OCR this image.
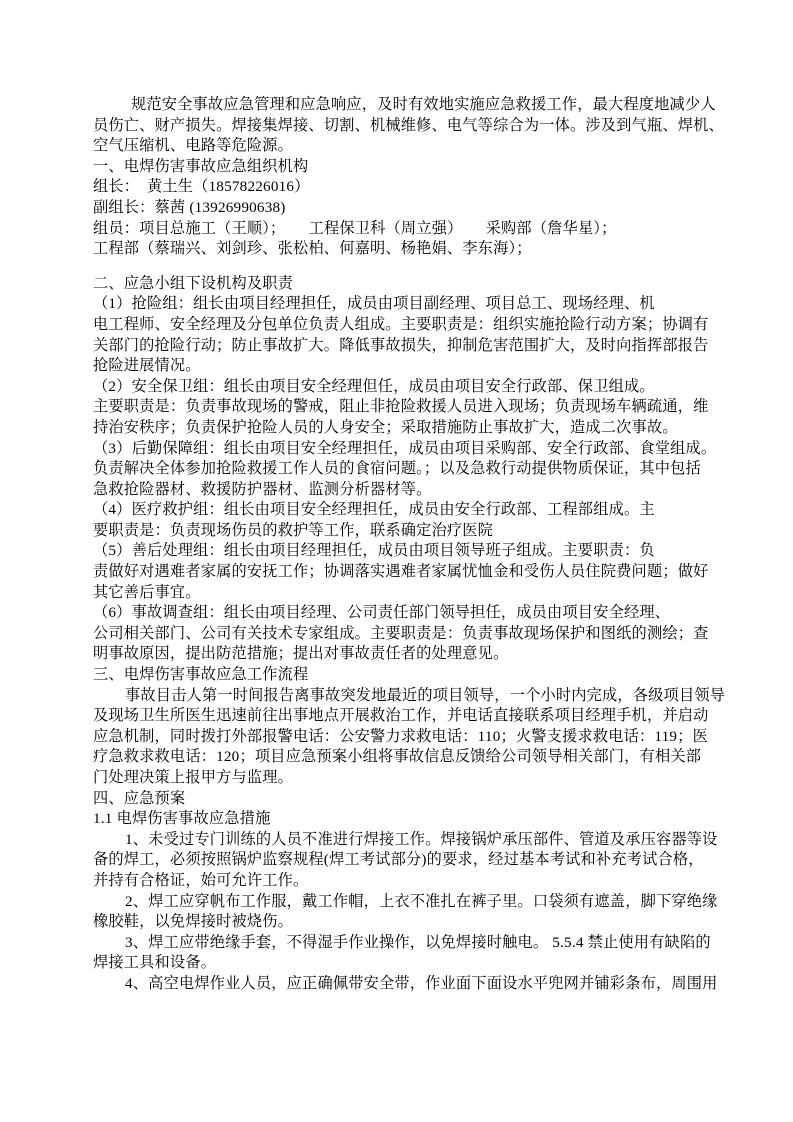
规范安全事故应急管理和应急响应，及时有效地实施应急救援工作，最大程度地减少人
员伤亡、财产损失。焊接集焊接、切割、机械维修、电气等综合为一体。涉及到气瓶、焊机、
空气压缩机、电路等危险源。
一、电焊伤害事故应急组织机构
组长：　黄土生（18578226016）
副组长：蔡茜 (13926990638)
组员：项目总施工（王顺）；　　工程保卫科（周立强）　　采购部（詹华星）；
工程部（蔡瑞兴、刘剑珍、张松柏、何嘉明、杨艳娟、李东海）；
二、应急小组下设机构及职责
（1）抢险组：组长由项目经理担任，成员由项目副经理、项目总工、现场经理、机
电工程师、安全经理及分包单位负责人组成。主要职责是：组织实施抢险行动方案；协调有
关部门的抢险行动；防止事故扩大。降低事故损失，抑制危害范围扩大，及时向指挥部报告
抢险进展情况。
（2）安全保卫组：组长由项目安全经理但任，成员由项目安全行政部、保卫组成。
主要职责是：负责事故现场的警戒，阻止非抢险救援人员进入现场；负责现场车辆疏通，维
持治安秩序；负责保护抢险人员的人身安全；采取措施防止事故扩大，造成二次事故。
（3）后勤保障组：组长由项目安全经理担任，成员由项目采购部、安全行政部、食堂组成。
负责解决全体参加抢险救援工作人员的食宿问题。；以及急救行动提供物质保证，其中包括
急救抢险器材、救援防护器材、监测分析器材等。
（4）医疗救护组：组长由项目安全经理担任，成员由安全行政部、工程部组成。主
要职责是：负责现场伤员的救护等工作，联系确定治疗医院
（5）善后处理组：组长由项目经理担任，成员由项目领导班子组成。主要职责：负
责做好对遇难者家属的安抚工作；协调落实遇难者家属忧恤金和受伤人员住院费问题；做好
其它善后事宜。
（6）事故调查组：组长由项目经理、公司责任部门领导担任，成员由项目安全经理、
公司相关部门、公司有关技术专家组成。主要职责是：负责事故现场保护和图纸的测绘；查
明事故原因，提出防范措施；提出对事故责任者的处理意见。
三、电焊伤害事故应急工作流程
事故目击人第一时间报告离事故突发地最近的项目领导，一个小时内完成，各级项目领导
及现场卫生所医生迅速前往出事地点开展救治工作，并电话直接联系项目经理手机，并启动
应急机制，同时拨打外部报警电话：公安警力求救电话：110；火警支援求救电话：119；医
疗急救求救电话：120；项目应急预案小组将事故信息反馈给公司领导相关部门，有相关部
门处理决策上报甲方与监理。
四、应急预案
1.1 电焊伤害事故应急措施
1、未受过专门训练的人员不准进行焊接工作。焊接锅炉承压部件、管道及承压容器等设
备的焊工，必须按照锅炉监察规程(焊工考试部分)的要求，经过基本考试和补充考试合格，
并持有合格证，始可允许工作。
2、焊工应穿帆布工作服，戴工作帽，上衣不准扎在裤子里。口袋须有遮盖，脚下穿绝缘
橡胶鞋，以免焊接时被烧伤。
3、焊工应带绝缘手套，不得湿手作业操作，以免焊接时触电。 5.5.4 禁止使用有缺陷的
焊接工具和设备。
4、高空电焊作业人员，应正确佩带安全带，作业面下面设水平兜网并铺彩条布，周围用
